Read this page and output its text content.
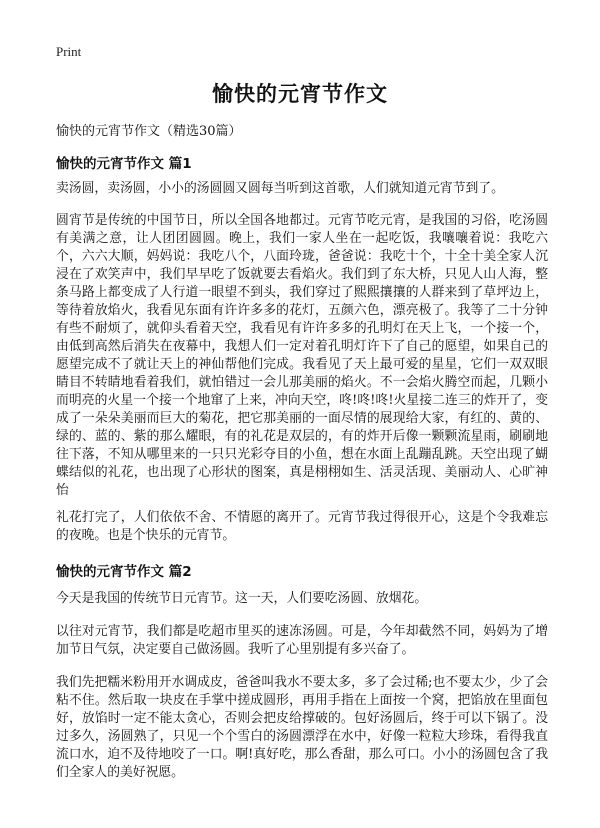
Print
愉快的元宵节作文

愉快的元宵节作文（精选30篇）

愉快的元宵节作文 篇1

卖汤圆，卖汤圆，小小的汤圆圆又圆每当听到这首歌，人们就知道元宵节到了。

圆宵节是传统的中国节日，所以全国各地都过。元宵节吃元宵，是我国的习俗，吃汤圆有美满之意，让人团团圆圆。晚上，我们一家人坐在一起吃饭，我嚷嚷着说：我吃六个，六六大顺，妈妈说：我吃八个，八面玲珑，爸爸说：我吃十个，十全十美全家人沉浸在了欢笑声中，我们早早吃了饭就要去看焰火。我们到了东大桥，只见人山人海，整条马路上都变成了人行道一眼望不到头，我们穿过了熙熙攘攘的人群来到了草坪边上，等待着放焰火，我看见东面有许许多多的花灯，五颜六色，漂亮极了。我等了二十分钟有些不耐烦了，就仰头看着天空，我看见有许许多多的孔明灯在天上飞，一个接一个，由低到高然后消失在夜幕中，我想人们一定对着孔明灯许下了自己的愿望，如果自己的愿望完成不了就让天上的神仙帮他们完成。我看见了天上最可爱的星星，它们一双双眼睛目不转睛地看着我们，就怕错过一会儿那美丽的焰火。不一会焰火腾空而起，几颗小而明亮的火星一个接一个地窜了上来，冲向天空，咚!咚!咚!火星接二连三的炸开了，变成了一朵朵美丽而巨大的菊花，把它那美丽的一面尽情的展现给大家，有红的、黄的、绿的、蓝的、紫的那么耀眼，有的礼花是双层的，有的炸开后像一颗颗流星雨，刷刷地往下落，不知从哪里来的一只只光彩夺目的小鱼，想在水面上乱蹦乱跳。天空出现了蝴蝶结似的礼花，也出现了心形状的图案，真是栩栩如生、活灵活现、美丽动人、心旷神怡

礼花打完了，人们依依不舍、不情愿的离开了。元宵节我过得很开心，这是个令我难忘的夜晚。也是个快乐的元宵节。

愉快的元宵节作文 篇2

今天是我国的传统节日元宵节。这一天，人们要吃汤圆、放烟花。

以往对元宵节，我们都是吃超市里买的速冻汤圆。可是，今年却截然不同，妈妈为了增加节日气氛，决定要自己做汤圆。我听了心里别提有多兴奋了。

我们先把糯米粉用开水调成皮，爸爸叫我水不要太多，多了会过稀;也不要太少，少了会粘不住。然后取一块皮在手掌中搓成圆形，再用手指在上面按一个窝，把馅放在里面包好，放馅时一定不能太贪心，否则会把皮给撑破的。包好汤圆后，终于可以下锅了。没过多久，汤圆熟了，只见一个个雪白的汤圆漂浮在水中，好像一粒粒大珍珠，看得我直流口水，迫不及待地咬了一口。啊!真好吃，那么香甜，那么可口。小小的汤圆包含了我们全家人的美好祝愿。
